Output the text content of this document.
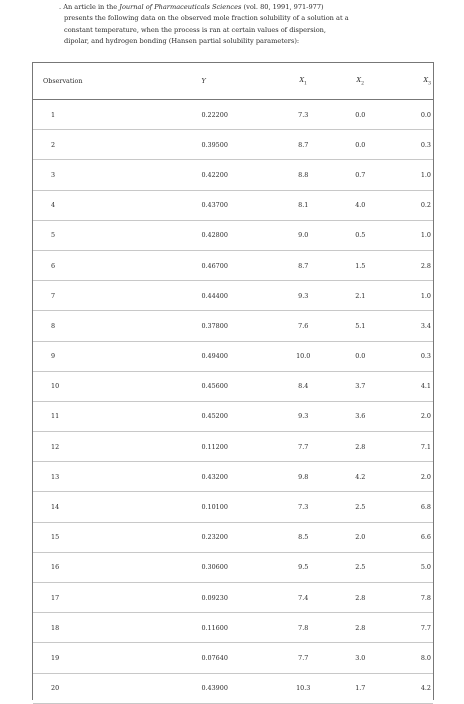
. An article in the Journal of Pharmaceuticals Sciences (vol. 80, 1991, 971-977)

presents the following data on the observed mole fraction solubility of a solution at a

constant temperature, when the process is ran at certain values of dispersion,

dipolar, and hydrogen bonding (Hansen partial solubility parameters):

Observation	Y	$X_1$	$X_2$	$X_3$
1	0.22200	7.3	0.0	0.0
2	0.39500	8.7	0.0	0.3
3	0.42200	8.8	0.7	1.0
4	0.43700	8.1	4.0	0.2
5	0.42800	9.0	0.5	1.0
6	0.46700	8.7	1.5	2.8
7	0.44400	9.3	2.1	1.0
8	0.37800	7.6	5.1	3.4
9	0.49400	10.0	0.0	0.3
10	0.45600	8.4	3.7	4.1
11	0.45200	9.3	3.6	2.0
12	0.11200	7.7	2.8	7.1
13	0.43200	9.8	4.2	2.0
14	0.10100	7.3	2.5	6.8
15	0.23200	8.5	2.0	6.6
16	0.30600	9.5	2.5	5.0
17	0.09230	7.4	2.8	7.8
18	0.11600	7.8	2.8	7.7
19	0.07640	7.7	3.0	8.0
20	0.43900	10.3	1.7	4.2
